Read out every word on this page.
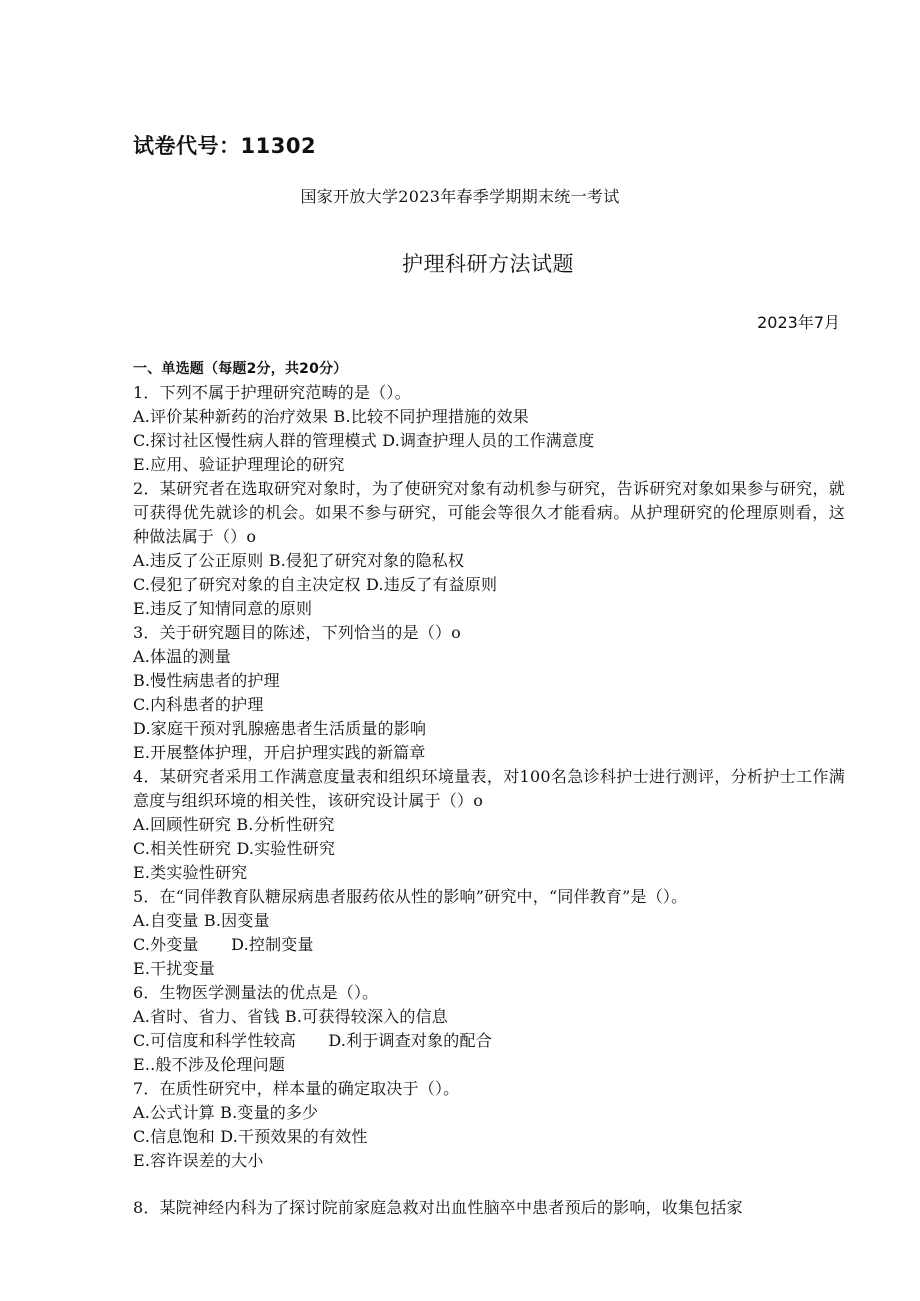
试卷代号：11302
国家开放大学2023年春季学期期末统一考试
护理科研方法试题
2023年7月
一、单选题（每题2分，共20分）
1．下列不属于护理研究范畴的是（）。
A.评价某种新药的治疗效果 B.比较不同护理措施的效果
C.探讨社区慢性病人群的管理模式 D.调查护理人员的工作满意度
E.应用、验证护理理论的研究
2．某研究者在选取研究对象时，为了使研究对象有动机参与研究，告诉研究对象如果参与研究，就可获得优先就诊的机会。如果不参与研究，可能会等很久才能看病。从护理研究的伦理原则看，这种做法属于（）o
A.违反了公正原则 B.侵犯了研究对象的隐私权
C.侵犯了研究对象的自主决定权 D.违反了有益原则
E.违反了知情同意的原则
3．关于研究题目的陈述，下列恰当的是（）o
A.体温的测量
B.慢性病患者的护理
C.内科患者的护理
D.家庭干预对乳腺癌患者生活质量的影响
E.开展整体护理，开启护理实践的新篇章
4．某研究者采用工作满意度量表和组织环境量表，对100名急诊科护士进行测评，分析护士工作满意度与组织环境的相关性，该研究设计属于（）o
A.回顾性研究 B.分析性研究
C.相关性研究 D.实验性研究
E.类实验性研究
5．在“同伴教育队糖尿病患者服药依从性的影响”研究中，“同伴教育”是（）。
A.自变量 B.因变量
C.外变量　　D.控制变量
E.干扰变量
6．生物医学测量法的优点是（）。
A.省时、省力、省钱 B.可获得较深入的信息
C.可信度和科学性较高　　D.利于调查对象的配合
E..般不涉及伦理问题
7．在质性研究中，样本量的确定取决于（）。
A.公式计算 B.变量的多少
C.信息饱和 D.干预效果的有效性
E.容许误差的大小
8．某院神经内科为了探讨院前家庭急救对出血性脑卒中患者预后的影响，收集包括家
